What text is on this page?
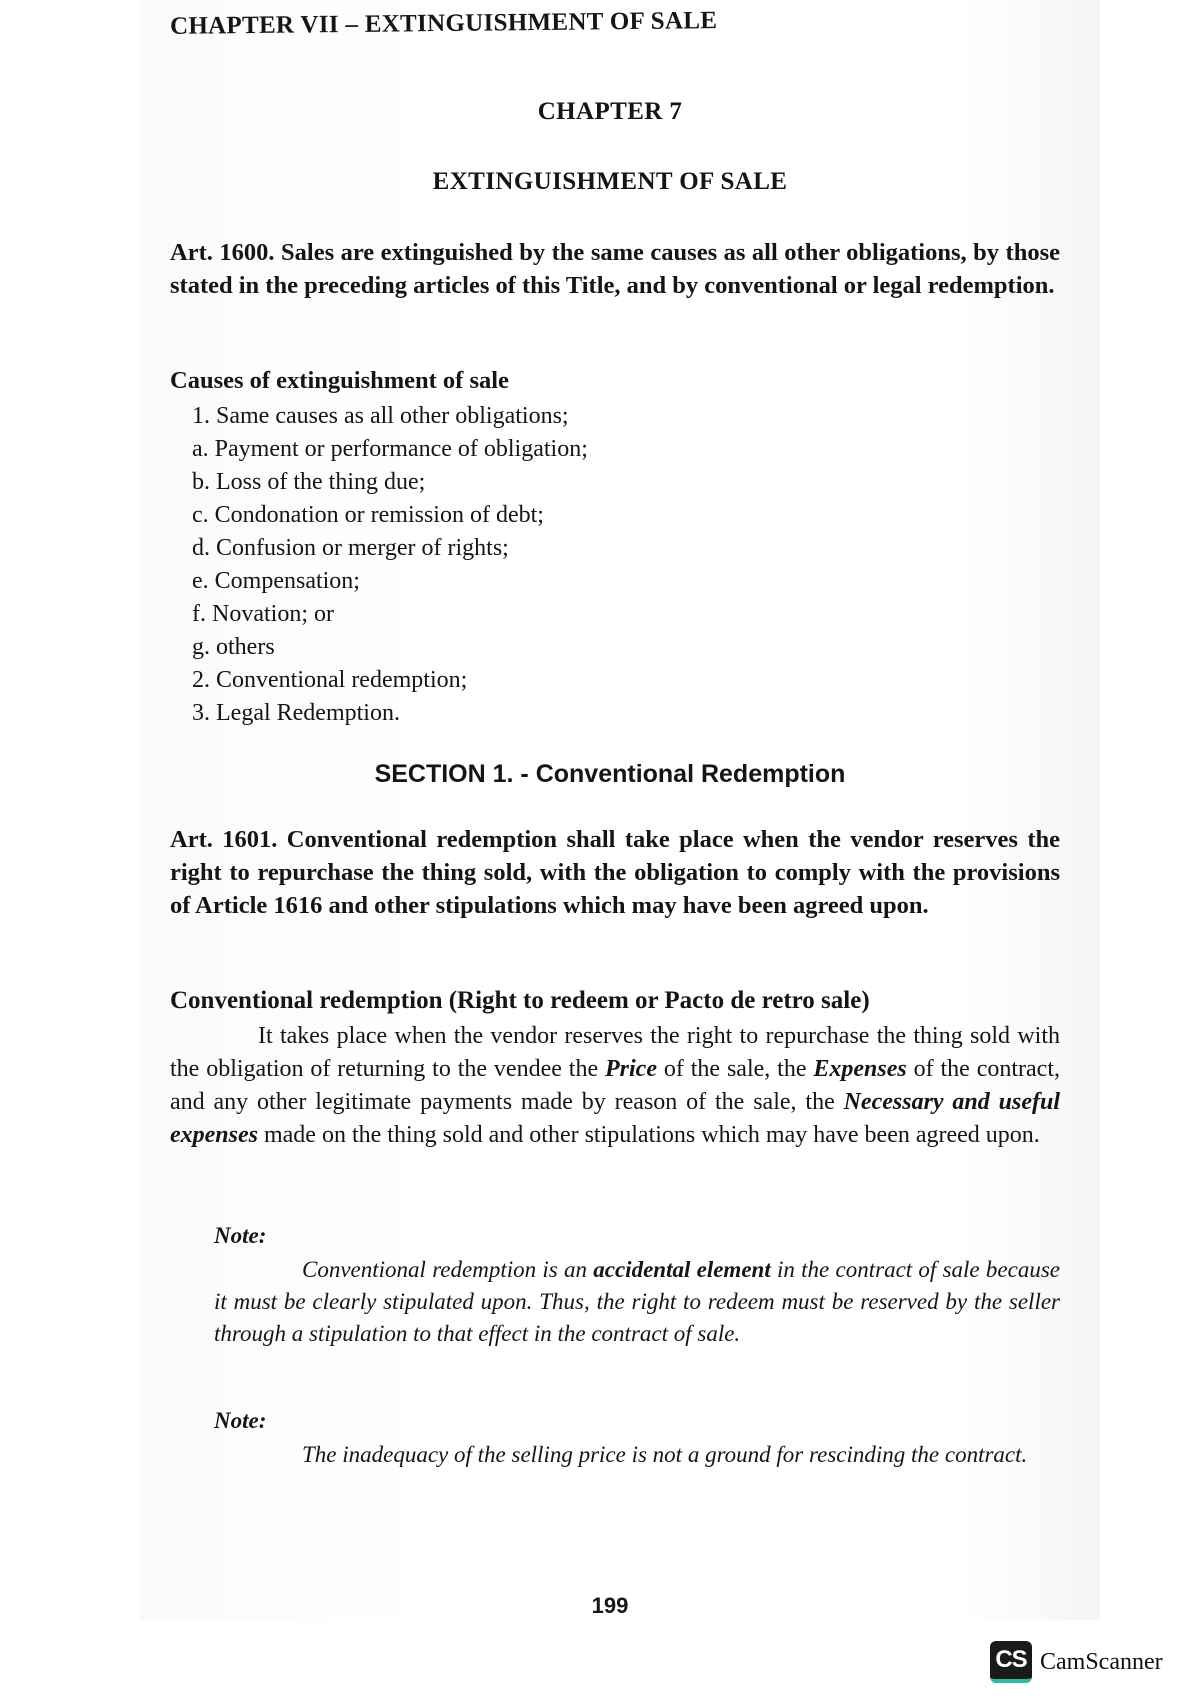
CHAPTER VII – EXTINGUISHMENT OF SALE
CHAPTER 7
EXTINGUISHMENT OF SALE
Art. 1600. Sales are extinguished by the same causes as all other obligations, by those stated in the preceding articles of this Title, and by conventional or legal redemption.
Causes of extinguishment of sale
1. Same causes as all other obligations;
a. Payment or performance of obligation;
b. Loss of the thing due;
c. Condonation or remission of debt;
d. Confusion or merger of rights;
e. Compensation;
f. Novation; or
g. others
2. Conventional redemption;
3. Legal Redemption.
SECTION 1. - Conventional Redemption
Art. 1601. Conventional redemption shall take place when the vendor reserves the right to repurchase the thing sold, with the obligation to comply with the provisions of Article 1616 and other stipulations which may have been agreed upon.
Conventional redemption (Right to redeem or Pacto de retro sale)
It takes place when the vendor reserves the right to repurchase the thing sold with the obligation of returning to the vendee the Price of the sale, the Expenses of the contract, and any other legitimate payments made by reason of the sale, the Necessary and useful expenses made on the thing sold and other stipulations which may have been agreed upon.
Note:
Conventional redemption is an accidental element in the contract of sale because it must be clearly stipulated upon. Thus, the right to redeem must be reserved by the seller through a stipulation to that effect in the contract of sale.
Note:
The inadequacy of the selling price is not a ground for rescinding the contract.
199
CS CamScanner
